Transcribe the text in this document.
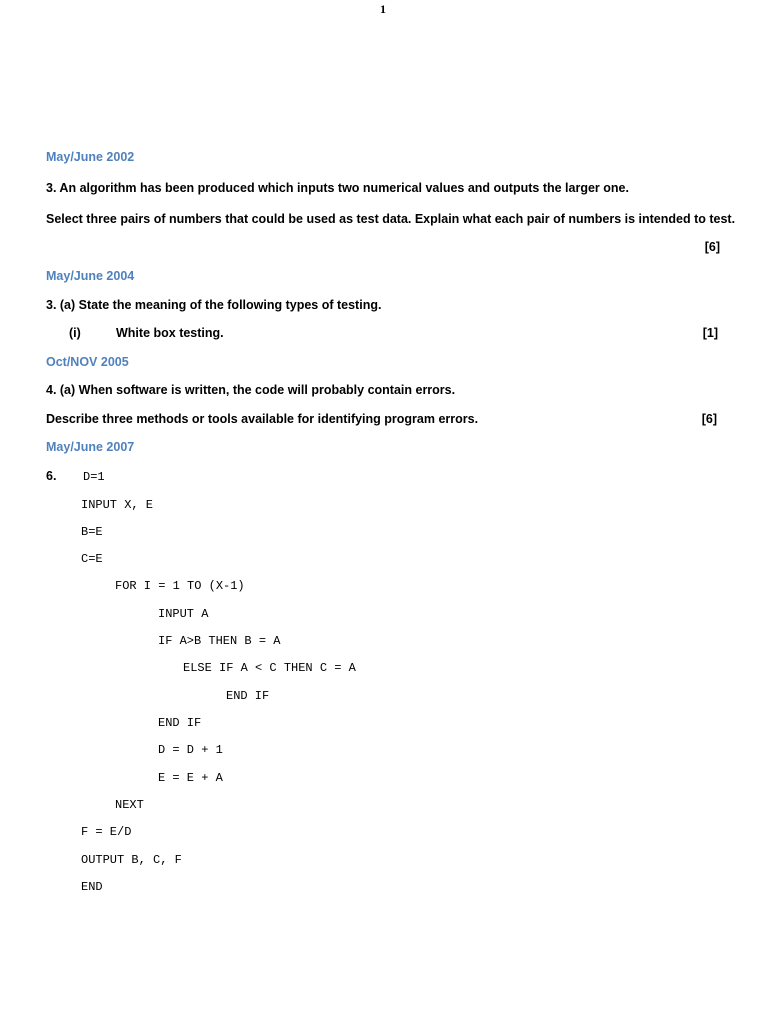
1
May/June 2002
3. An algorithm has been produced which inputs two numerical values and outputs the larger one.
Select three pairs of numbers that could be used as test data. Explain what each pair of numbers is intended to test.
[6]
May/June 2004
3. (a) State the meaning of the following types of testing.
(i)	White box testing.	[1]
Oct/NOV 2005
4. (a) When software is written, the code will probably contain errors.
Describe three methods or tools available for identifying program errors.	[6]
May/June 2007
6. D=1
INPUT X, E
B=E
C=E
FOR I = 1 TO (X-1)
INPUT A
IF A>B THEN B = A
ELSE IF A < C THEN C = A
END IF
END IF
D = D + 1
E = E + A
NEXT
F = E/D
OUTPUT B, C, F
END
